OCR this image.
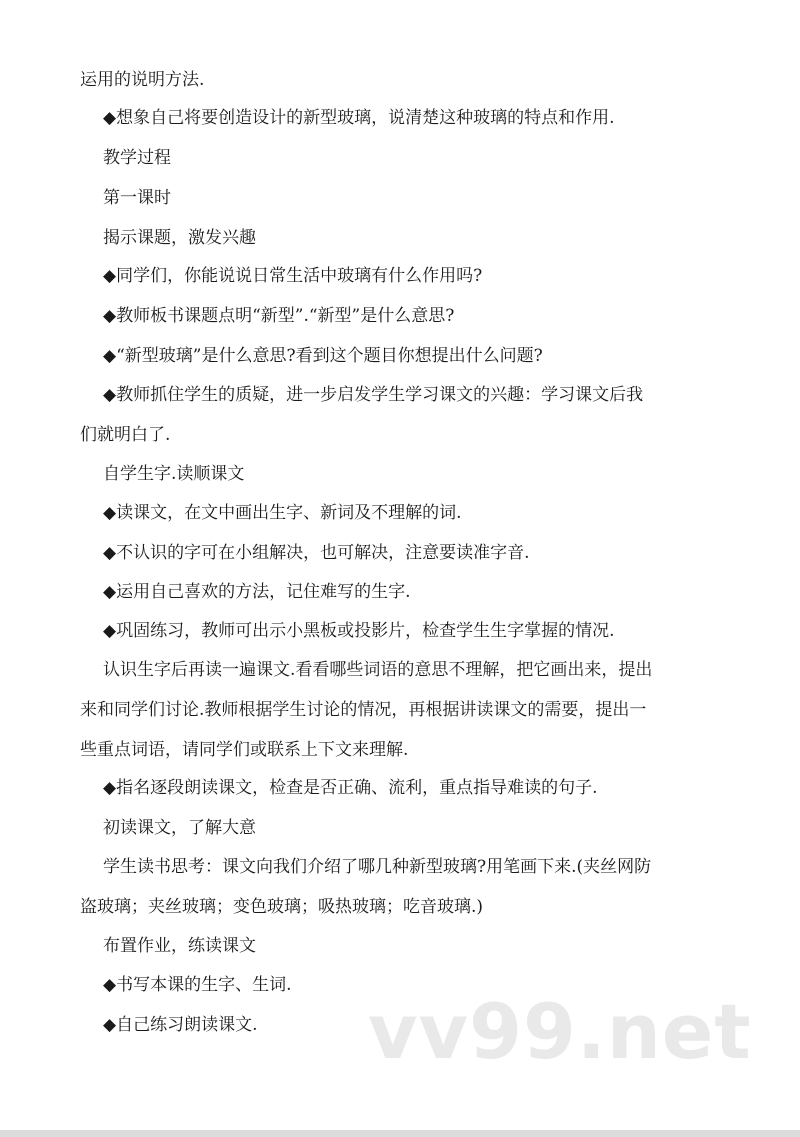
运用的说明方法.
◆想象自己将要创造设计的新型玻璃，说清楚这种玻璃的特点和作用.
教学过程
第一课时
揭示课题，激发兴趣
◆同学们，你能说说日常生活中玻璃有什么作用吗?
◆教师板书课题点明“新型”.“新型”是什么意思?
◆“新型玻璃”是什么意思?看到这个题目你想提出什么问题?
◆教师抓住学生的质疑，进一步启发学生学习课文的兴趣：学习课文后我
们就明白了.
自学生字.读顺课文
◆读课文，在文中画出生字、新词及不理解的词.
◆不认识的字可在小组解决，也可解决，注意要读准字音.
◆运用自己喜欢的方法，记住难写的生字.
◆巩固练习，教师可出示小黑板或投影片，检查学生生字掌握的情况.
认识生字后再读一遍课文.看看哪些词语的意思不理解，把它画出来，提出
来和同学们讨论.教师根据学生讨论的情况，再根据讲读课文的需要，提出一
些重点词语，请同学们或联系上下文来理解.
◆指名逐段朗读课文，检查是否正确、流利，重点指导难读的句子.
初读课文，了解大意
学生读书思考：课文向我们介绍了哪几种新型玻璃?用笔画下来.(夹丝网防
盗玻璃；夹丝玻璃；变色玻璃；吸热玻璃；吃音玻璃.)
布置作业，练读课文
◆书写本课的生字、生词.
◆自己练习朗读课文. vv99.net
